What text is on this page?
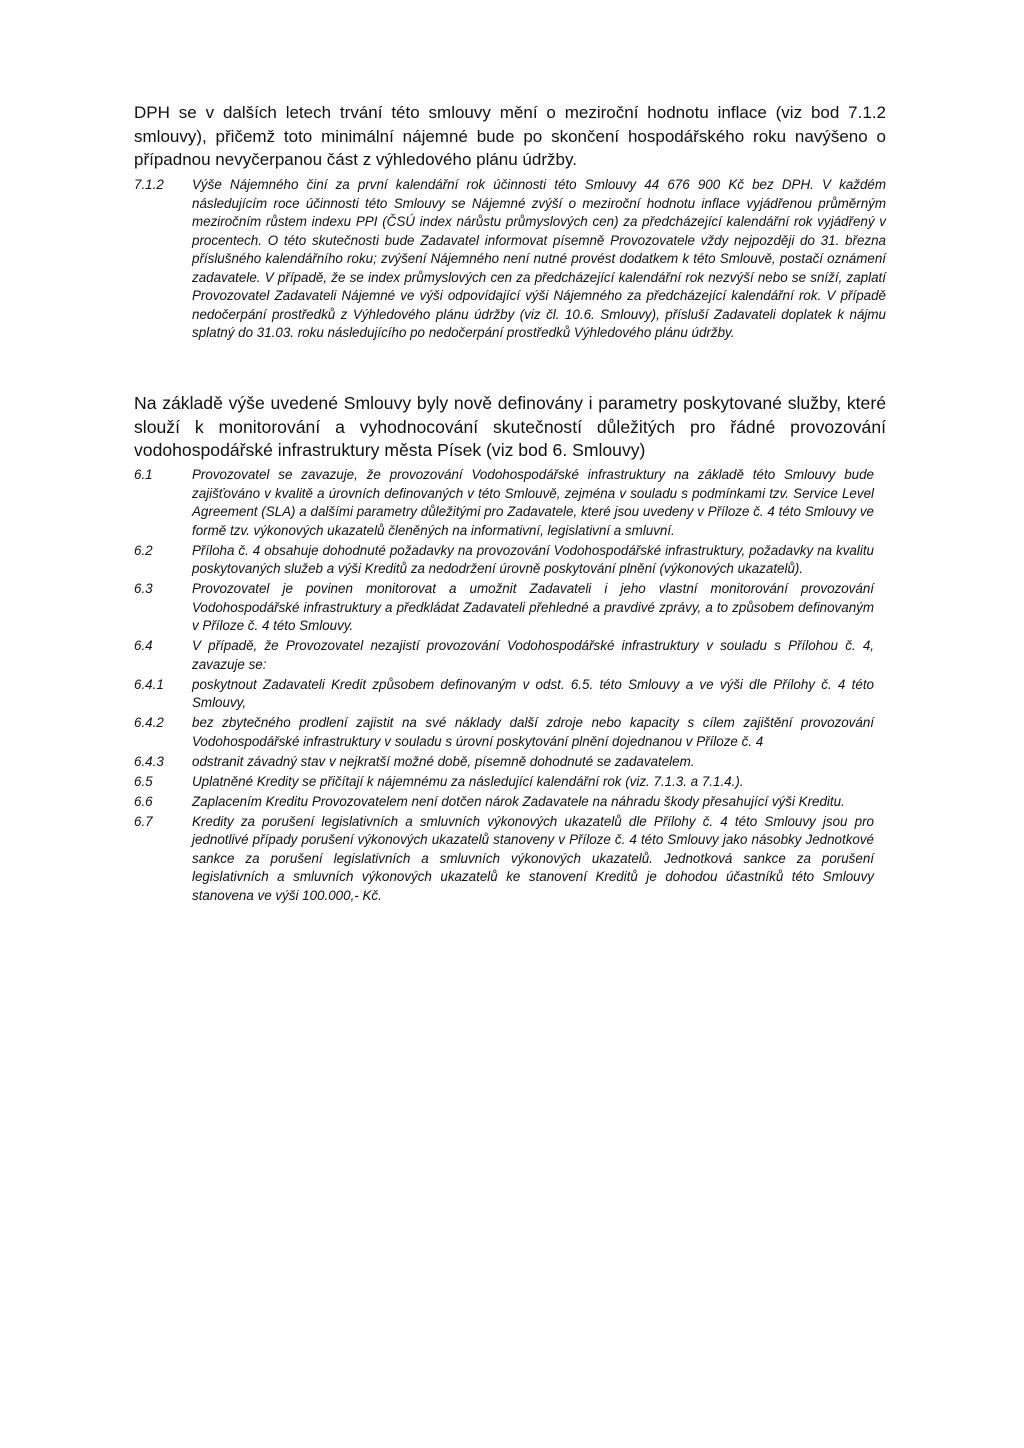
DPH se v dalších letech trvání této smlouvy mění o meziroční hodnotu inflace (viz bod 7.1.2 smlouvy), přičemž toto minimální nájemné bude po skončení hospodářského roku navýšeno o případnou nevyčerpanou část z výhledového plánu údržby.

7.1.2	Výše Nájemného činí za první kalendářní rok účinnosti této Smlouvy 44 676 900 Kč bez DPH. V každém následujícím roce účinnosti této Smlouvy se Nájemné zvýší o meziroční hodnotu inflace vyjádřenou průměrným meziročním růstem indexu PPI (ČSÚ index nárůstu průmyslových cen) za předcházející kalendářní rok vyjádřený v procentech. O této skutečnosti bude Zadavatel informovat písemně Provozovatele vždy nejpozději do 31. března příslušného kalendářního roku; zvýšení Nájemného není nutné provést dodatkem k této Smlouvě, postačí oznámení zadavatele. V případě, že se index průmyslových cen za předcházející kalendářní rok nezvýší nebo se sníží, zaplatí Provozovatel Zadavateli Nájemné ve výši odpovídající výši Nájemného za předcházející kalendářní rok. V případě nedočerpání prostředků z Výhledového plánu údržby (viz čl. 10.6. Smlouvy), přísluší Zadavateli doplatek k nájmu splatný do 31.03. roku následujícího po nedočerpání prostředků Výhledového plánu údržby.

Na základě výše uvedené Smlouvy byly nově definovány i parametry poskytované služby, které slouží k monitorování a vyhodnocování skutečností důležitých pro řádné provozování vodohospodářské infrastruktury města Písek (viz bod 6. Smlouvy)

6.1	Provozovatel se zavazuje, že provozování Vodohospodářské infrastruktury na základě této Smlouvy bude zajišťováno v kvalitě a úrovních definovaných v této Smlouvě, zejména v souladu s podmínkami tzv. Service Level Agreement (SLA) a dalšími parametry důležitými pro Zadavatele, které jsou uvedeny v Příloze č. 4 této Smlouvy ve formě tzv. výkonových ukazatelů členěných na informativní, legislativní a smluvní.
6.2	Příloha č. 4 obsahuje dohodnuté požadavky na provozování Vodohospodářské infrastruktury, požadavky na kvalitu poskytovaných služeb a výši Kreditů za nedodržení úrovně poskytování plnění (výkonových ukazatelů).
6.3	Provozovatel je povinen monitorovat a umožnit Zadavateli i jeho vlastní monitorování provozování Vodohospodářské infrastruktury a předkládat Zadavateli přehledné a pravdivé zprávy, a to způsobem definovaným v Příloze č. 4 této Smlouvy.
6.4	V případě, že Provozovatel nezajistí provozování Vodohospodářské infrastruktury v souladu s Přílohou č. 4, zavazuje se:
6.4.1	poskytnout Zadavateli Kredit způsobem definovaným v odst. 6.5. této Smlouvy a ve výši dle Přílohy č. 4 této Smlouvy,
6.4.2	bez zbytečného prodlení zajistit na své náklady další zdroje nebo kapacity s cílem zajištění provozování Vodohospodářské infrastruktury v souladu s úrovní poskytování plnění dojednanou v Příloze č. 4
6.4.3	odstranit závadný stav v nejkratší možné době, písemně dohodnuté se zadavatelem.
6.5	Uplatněné Kredity se přičítají k nájemnému za následující kalendářní rok (viz. 7.1.3. a 7.1.4.).
6.6	Zaplacením Kreditu Provozovatelem není dotčen nárok Zadavatele na náhradu škody přesahující výši Kreditu.
6.7	Kredity za porušení legislativních a smluvních výkonových ukazatelů dle Přílohy č. 4 této Smlouvy jsou pro jednotlivé případy porušení výkonových ukazatelů stanoveny v Příloze č. 4 této Smlouvy jako násobky Jednotkové sankce za porušení legislativních a smluvních výkonových ukazatelů. Jednotková sankce za porušení legislativních a smluvních výkonových ukazatelů ke stanovení Kreditů je dohodou účastníků této Smlouvy stanovena ve výši 100.000,- Kč.
